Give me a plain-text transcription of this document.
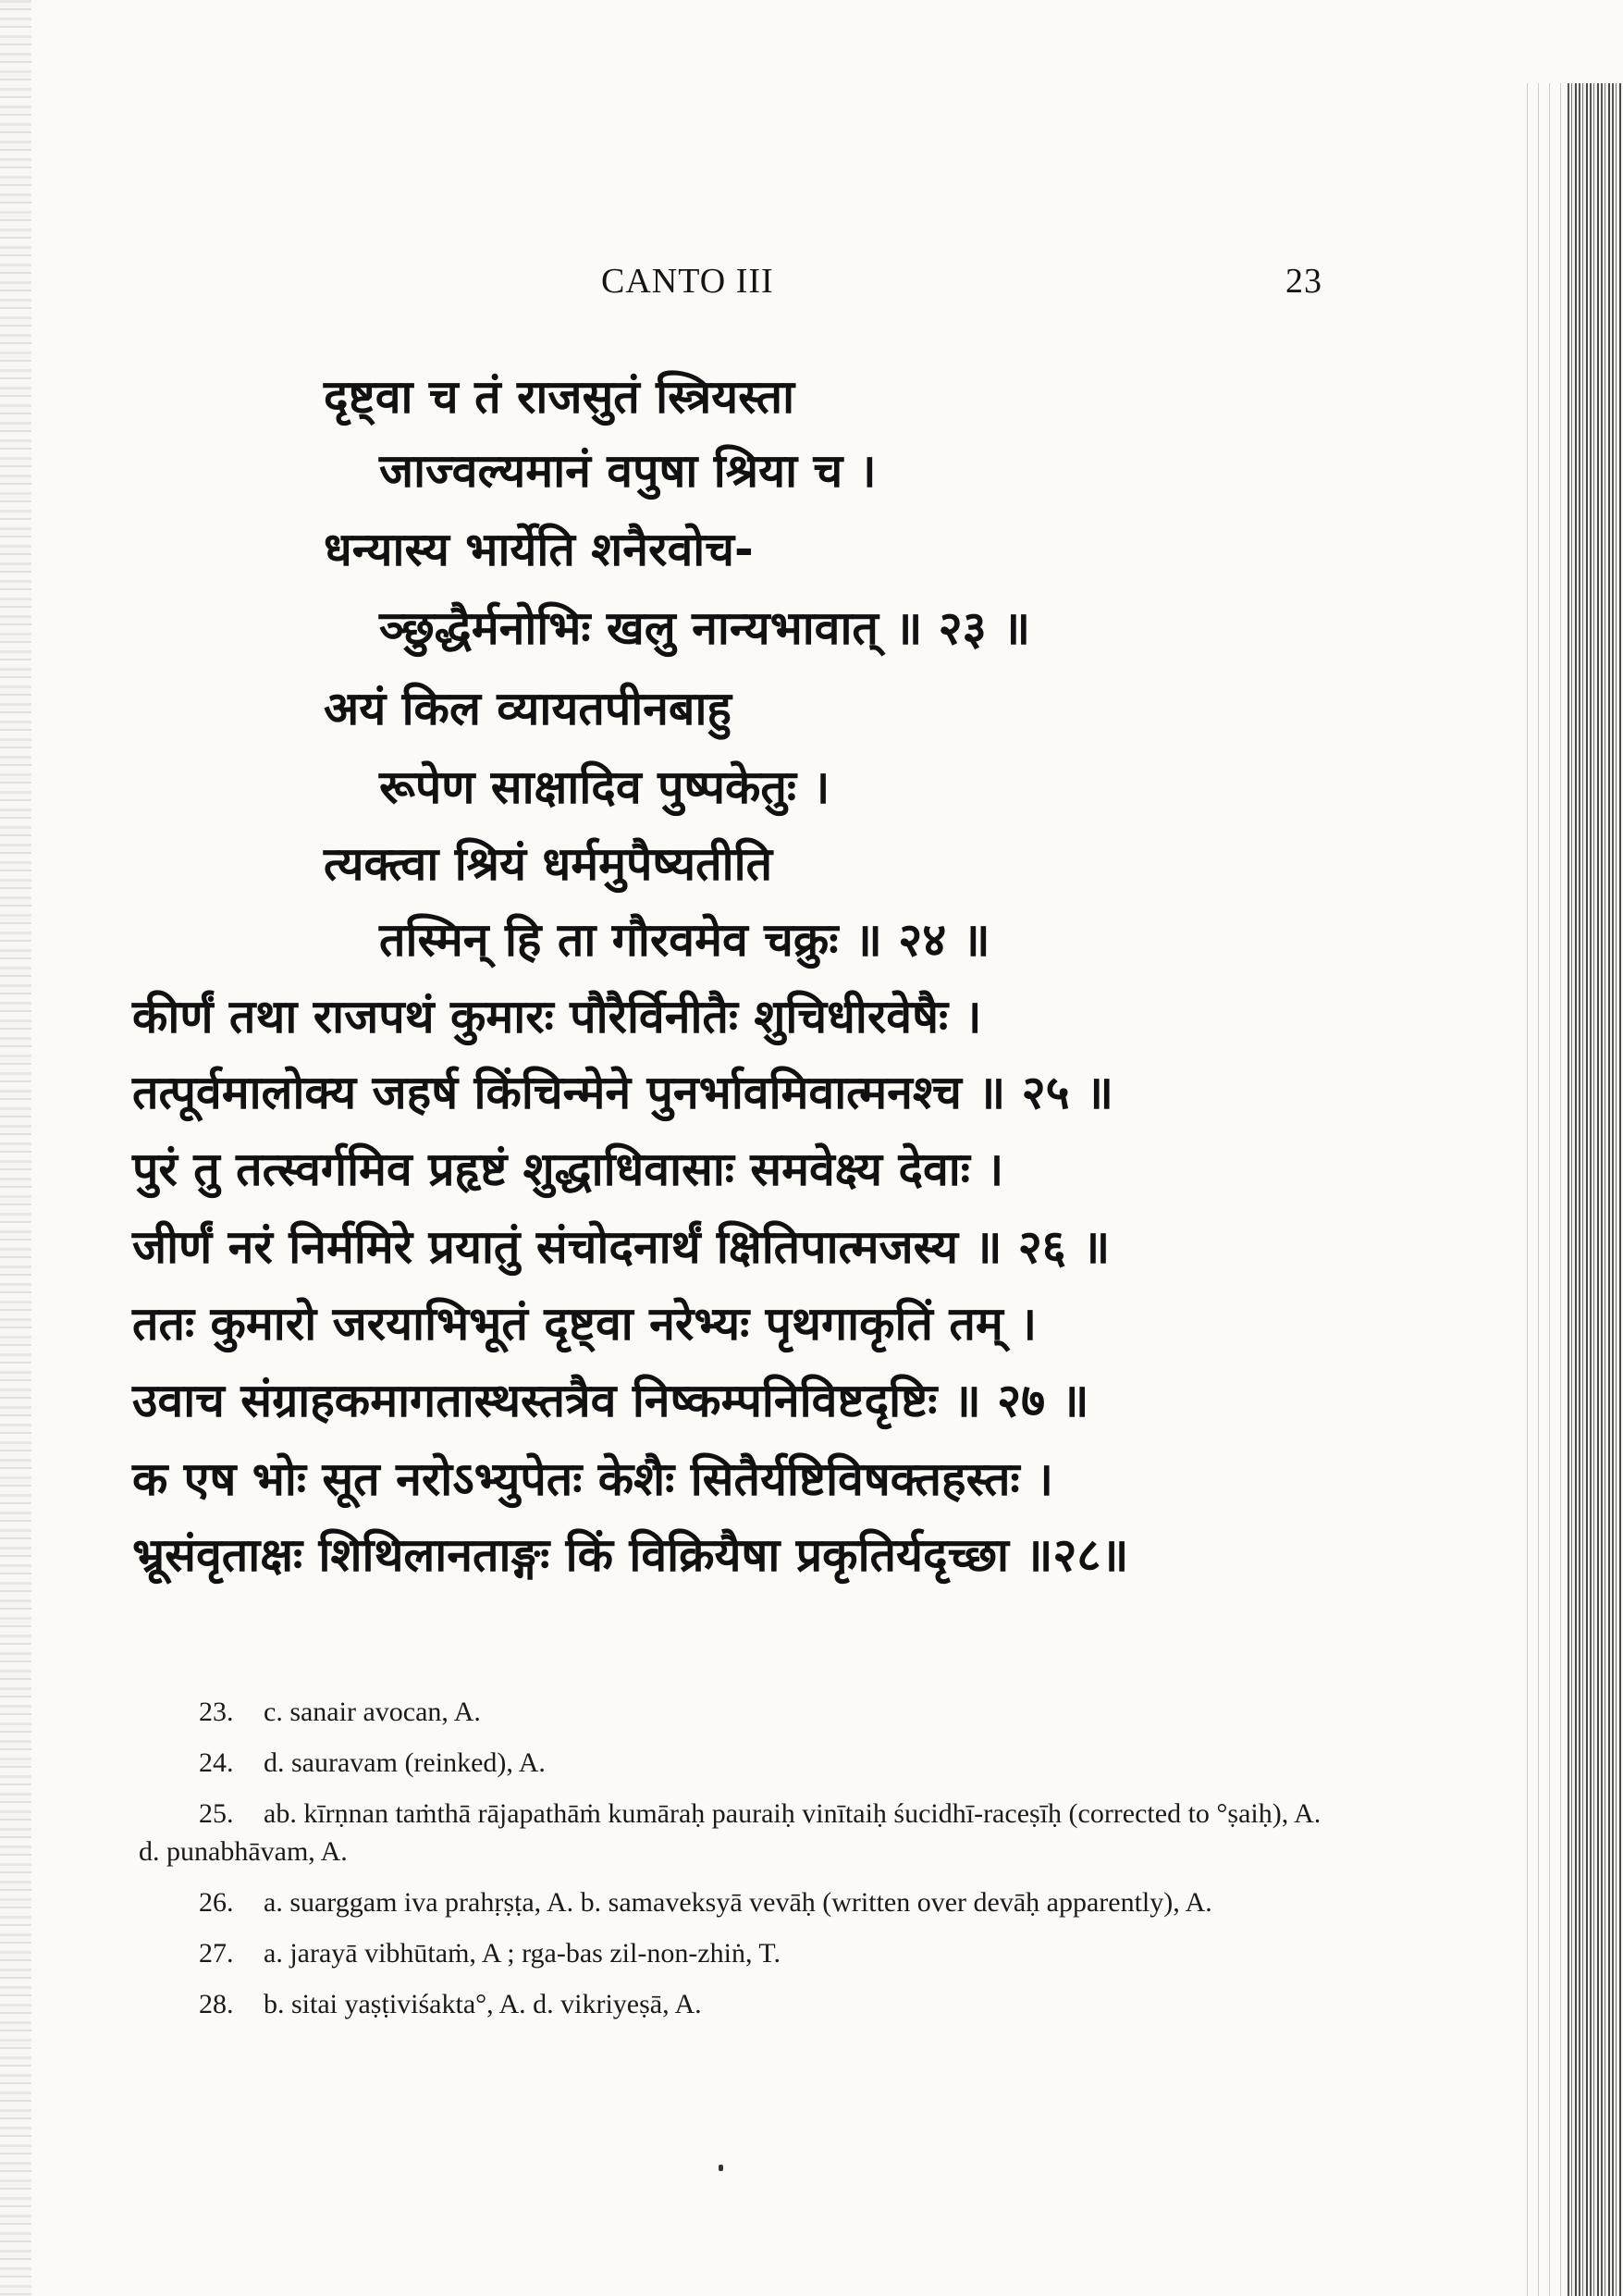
CANTO III	23
दृष्ट्वा च तं राजसुतं स्त्रियस्ता
जाज्वल्यमानं वपुषा श्रिया च ।
धन्यास्य भार्येति शनैरवोच-
ञ्छुद्धैर्मनोभिः खलु नान्यभावात् ॥ २३ ॥
अयं किल व्यायतपीनबाहु
रूपेण साक्षादिव पुष्पकेतुः ।
त्यक्त्वा श्रियं धर्ममुपैष्यतीति
तस्मिन् हि ता गौरवमेव चक्रुः ॥ २४ ॥
कीर्णं तथा राजपथं कुमारः पौरैर्विनीतैः शुचिधीरवेषैः ।
तत्पूर्वमालोक्य जहर्ष किंचिन्मेने पुनर्भावमिवात्मनश्च ॥ २५ ॥
पुरं तु तत्स्वर्गमिव प्रहृष्टं शुद्धाधिवासाः समवेक्ष्य देवाः ।
जीर्णं नरं निर्ममिरे प्रयातुं संचोदनार्थं क्षितिपात्मजस्य ॥ २६ ॥
ततः कुमारो जरयाभिभूतं दृष्ट्वा नरेभ्यः पृथगाकृतिं तम् ।
उवाच संग्राहकमागतास्थस्तत्रैव निष्कम्पनिविष्टदृष्टिः ॥ २७ ॥
क एष भोः सूत नरोऽभ्युपेतः केशैः सितैर्यष्टिविषक्तहस्तः ।
भ्रूसंवृताक्षः शिथिलानताङ्गः किं विक्रियैषा प्रकृतिर्यदृच्छा ॥२८॥

23. c. sanair avocan, A.

24. d. sauravam (reinked), A.

25. ab. kīrṇnan taṁthā rājapathāṁ kumāraḥ pauraiḥ vinītaiḥ śucidhī-raceṣīḥ (corrected to °ṣaiḥ), A. d. punabhāvam, A.

26. a. suarggam iva prahṛṣṭa, A. b. samaveksyā vevāḥ (written over devāḥ apparently), A.

27. a. jarayā vibhūtaṁ, A ; rga-bas zil-non-zhiṅ, T.

28. b. sitai yaṣṭiviśakta°, A. d. vikriyeṣā, A.
